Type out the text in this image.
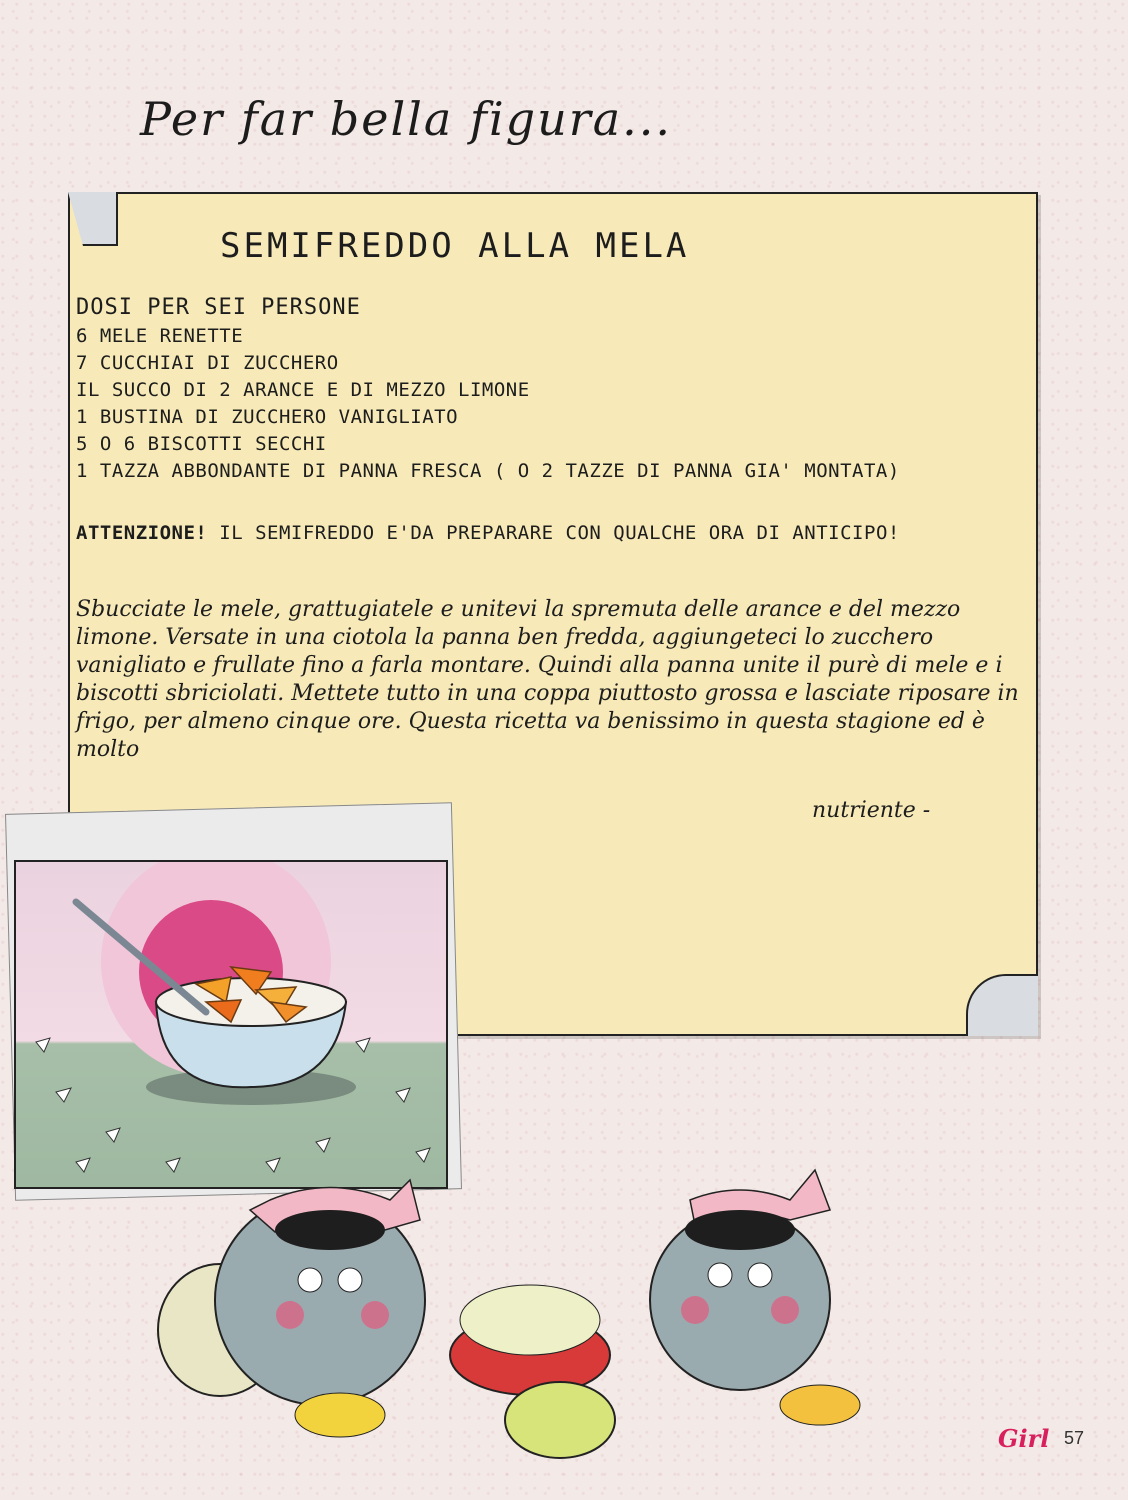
Per far bella figura...
SEMIFREDDO ALLA MELA
DOSI PER SEI PERSONE
6 MELE RENETTE
7 CUCCHIAI DI ZUCCHERO
IL SUCCO DI 2 ARANCE E DI MEZZO LIMONE
1 BUSTINA DI ZUCCHERO VANIGLIATO
5 O 6 BISCOTTI SECCHI
1 TAZZA ABBONDANTE DI PANNA FRESCA ( O 2 TAZZE DI PANNA GIA' MONTATA)
ATTENZIONE! IL SEMIFREDDO E'DA PREPARARE CON QUALCHE ORA DI ANTICIPO!

Sbucciate le mele, grattugiatele e unitevi la spremuta delle arance e del mezzo limone. Versate in una ciotola la panna ben fredda, aggiungeteci lo zucchero vanigliato e frullate fino a farla montare. Quindi alla panna unite il purè di mele e i biscotti sbriciolati. Mettete tutto in una coppa piuttosto grossa e lasciate riposare in frigo, per almeno cinque ore. Questa ricetta va benissimo in questa stagione ed è molto

nutriente -
Girl 57
